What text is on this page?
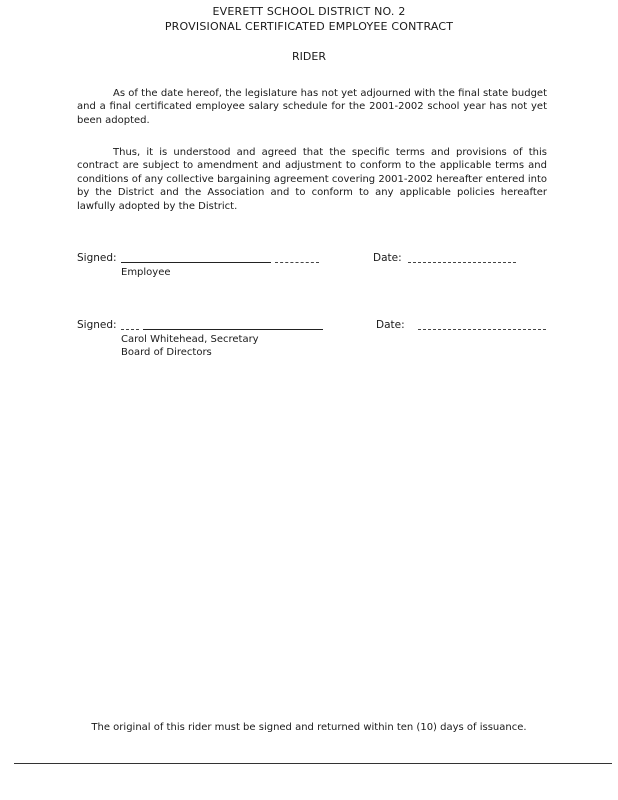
EVERETT SCHOOL DISTRICT NO. 2
PROVISIONAL CERTIFICATED EMPLOYEE CONTRACT
RIDER

As of the date hereof, the legislature has not yet adjourned with the final state budget and a final certificated employee salary schedule for the 2001-2002 school year has not yet been adopted.

Thus, it is understood and agreed that the specific terms and provisions of this contract are subject to amendment and adjustment to conform to the applicable terms and conditions of any collective bargaining agreement covering 2001-2002 hereafter entered into by the District and the Association and to conform to any applicable policies hereafter lawfully adopted by the District.

Signed:
Employee
Date:
Signed:
Carol Whitehead, Secretary
Board of Directors
Date:
The original of this rider must be signed and returned within ten (10) days of issuance.
